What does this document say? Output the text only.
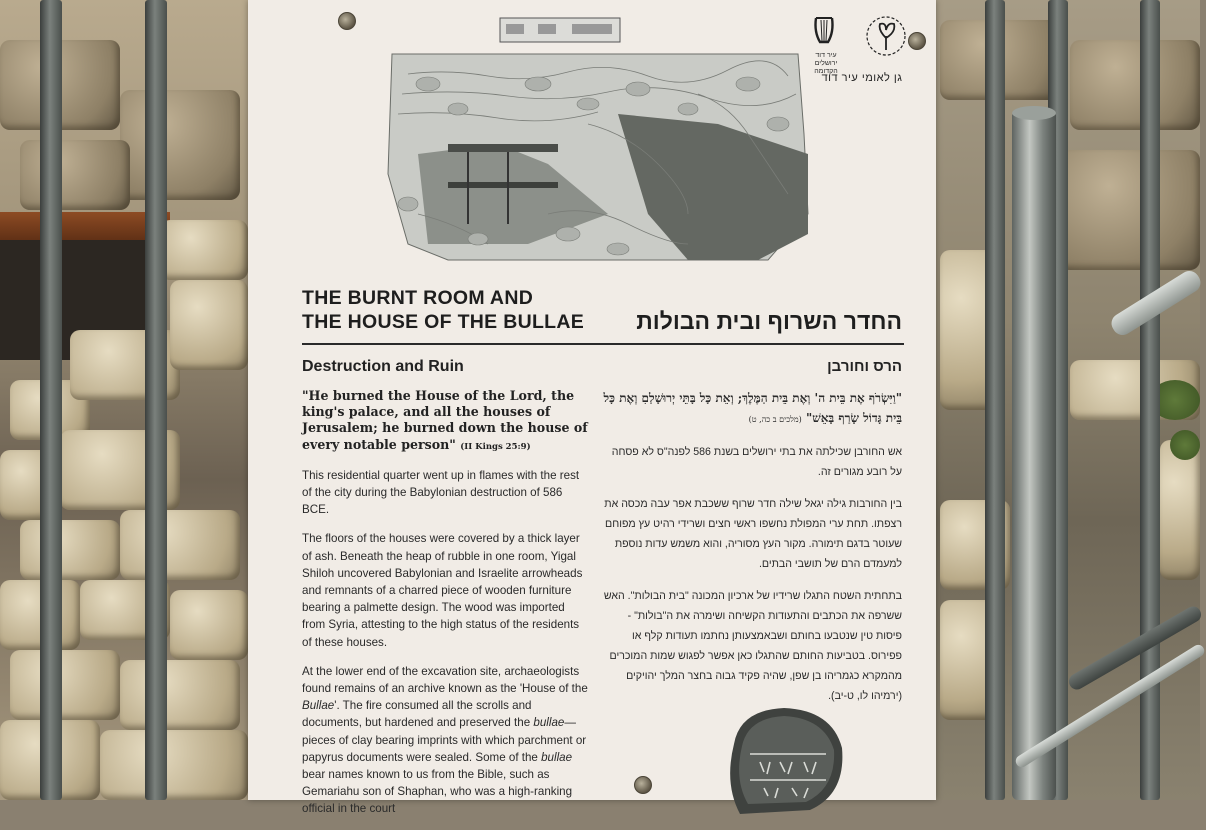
עיר דוד ירושלים הקדומה
גן לאומי עיר דוד
THE BURNT ROOM AND
THE HOUSE OF THE BULLAE	החדר השרוף ובית הבולות
Destruction and Ruin	הרס וחורבן
"He burned the House of the Lord, the king's palace, and all the houses of Jerusalem; he burned down the house of every notable person" (II Kings 25:9)

This residential quarter went up in flames with the rest of the city during the Babylonian destruction of 586 BCE.

The floors of the houses were covered by a thick layer of ash. Beneath the heap of rubble in one room, Yigal Shiloh uncovered Babylonian and Israelite arrowheads and remnants of a charred piece of wooden furniture bearing a palmette design. The wood was imported from Syria, attesting to the high status of the residents of these houses.

At the lower end of the excavation site, archaeologists found remains of an archive known as the 'House of the Bullae'. The fire consumed all the scrolls and documents, but hardened and preserved the bullae—pieces of clay bearing imprints with which parchment or papyrus documents were sealed. Some of the bullae bear names known to us from the Bible, such as Gemariahu son of Shaphan, who was a high-ranking official in the court

"וַיִּשְׂרֹף אֶת בֵּית ה' וְאֶת בֵּית הַמֶּלֶךְ; וְאֵת כָּל בָּתֵּי יְרוּשָׁלַםִ וְאֶת כָּל בֵּית גָּדוֹל שָׂרַף בָּאֵשׁ" (מלכים ב כה, ט)

אש החורבן שכילתה את בתי ירושלים בשנת 586 לפנה"ס לא פסחה על רובע מגורים זה.

בין החורבות גילה יגאל שילה חדר שרוף ששכבת אפר עבה מכסה את רצפתו. תחת ערי המפולת נחשפו ראשי חצים ושרידי רהיט עץ מפוחם שעוטר בדגם תימורה. מקור העץ מסוריה, והוא משמש עדות נוספת למעמדם הרם של תושבי הבתים.

בתחתית השטח התגלו שרידיו של ארכיון המכונה "בית הבולות". האש ששרפה את הכתבים והתעודות הקשיחה ושימרה את ה"בולות" - פיסות טין שנטבעו בחותם ושבאמצעותן נחתמו תעודות קלף או פפירוס. בטביעות החותם שהתגלו כאן אפשר לפגוש שמות המוכרים מהמקרא כגמריהו בן שפן, שהיה פקיד גבוה בחצר המלך יהויקים (ירמיהו לו, ט-יב).
